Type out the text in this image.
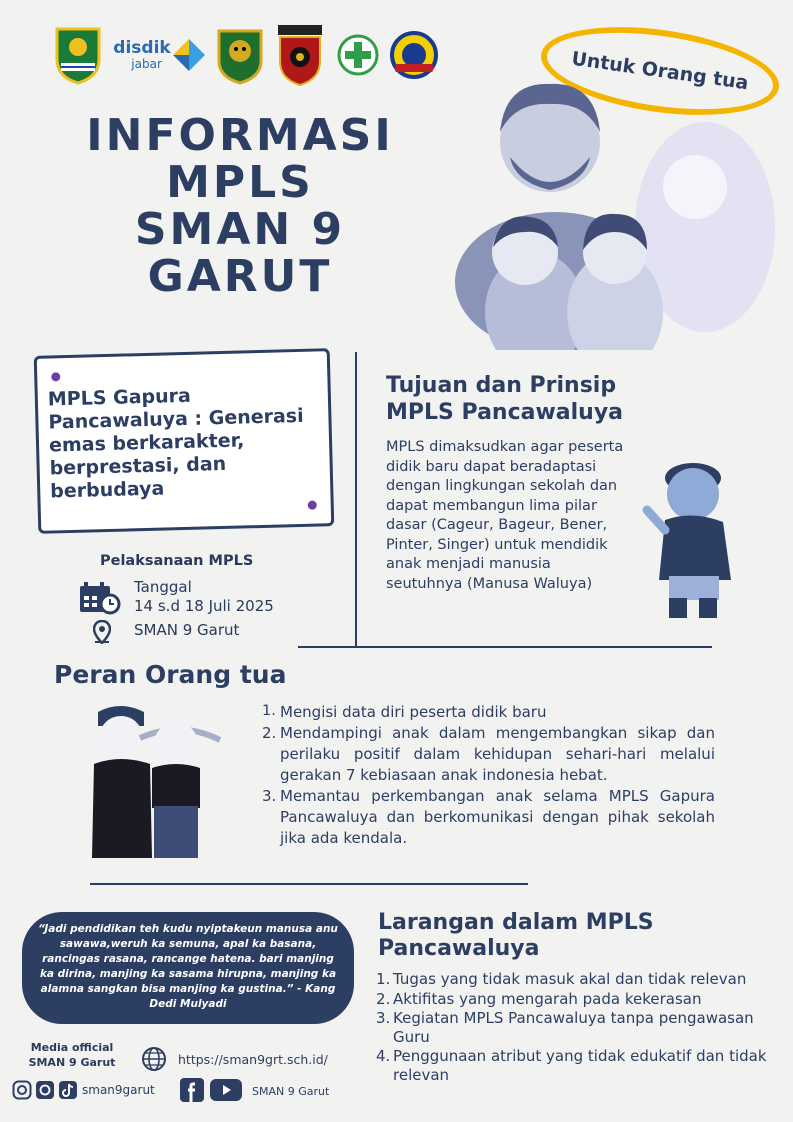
disdik
jabar	Untuk Orang tua
INFORMASI
MPLS
SMAN 9
GARUT
MPLS Gapura Pancawaluya : Generasi emas berkarakter, berprestasi, dan berbudaya
Pelaksanaan MPLS
Tanggal
14 s.d 18 Juli 2025
SMAN 9 Garut
Tujuan dan Prinsip
MPLS Pancawaluya
MPLS dimaksudkan agar peserta didik baru dapat beradaptasi dengan lingkungan sekolah dan dapat membangun lima pilar dasar (Cageur, Bageur, Bener, Pinter, Singer) untuk mendidik anak menjadi manusia seutuhnya (Manusa Waluya)
Peran Orang tua
1. Mengisi data diri peserta didik baru
2. Mendampingi anak dalam mengembangkan sikap dan perilaku positif dalam kehidupan sehari-hari melalui gerakan 7 kebiasaan anak indonesia hebat.
3. Memantau perkembangan anak selama MPLS Gapura Pancawaluya dan berkomunikasi dengan pihak sekolah jika ada kendala.
“Jadi pendidikan teh kudu nyiptakeun manusa anu sawawa,weruh ka semuna, apal ka basana, rancingas rasana, rancange hatena. bari manjing ka dirina, manjing ka sasama hirupna, manjing ka alamna sangkan bisa manjing ka gustina.” - Kang Dedi Mulyadi
Larangan dalam MPLS
Pancawaluya
1. Tugas yang tidak masuk akal dan tidak relevan
2. Aktifitas yang mengarah pada kekerasan
3. Kegiatan MPLS Pancawaluya tanpa pengawasan Guru
4. Penggunaan atribut yang tidak edukatif dan tidak relevan
Media official
SMAN 9 Garut	https://sman9grt.sch.id/
sman9garut	SMAN 9 Garut
